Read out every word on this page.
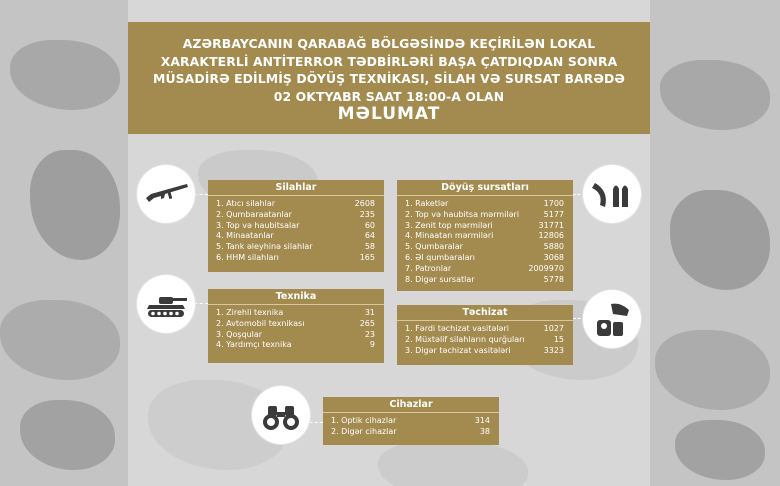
AZƏRBAYCANIN QARABAĞ BÖLGƏSİNDƏ KEÇİRİLƏN LOKAL XARAKTERLİ ANTİTERROR TƏDBİRLƏRİ BAŞA ÇATDIQDAN SONRA MÜSADİRƏ EDİLMİŞ DÖYÜŞ TEXNİKASI, SİLAH VƏ SURSAT BARƏDƏ 02 OKTYABR SAAT 18:00-A OLAN
MƏLUMAT
Silahlar
1. Atıcı silahlar	2608
2. Qumbaraatanlar	235
3. Top və haubitsalar	60
4. Minaatanlar	64
5. Tank əleyhinə silahlar	58
6. HHM silahları	165
Texnika
1. Zirehli texnika	31
2. Avtomobil texnikası	265
3. Qoşqular	23
4. Yardımçı texnika	9
Döyüş sursatları
1. Raketlər	1700
2. Top və haubitsa mərmiləri	5177
3. Zenit top mərmiləri	31771
4. Minaatan mərmiləri	12806
5. Qumbaralar	5880
6. Əl qumbaraları	3068
7. Patronlar	2009970
8. Digər sursatlar	5778
Təchizat
1. Fərdi təchizat vasitələri	1027
2. Müxtəlif silahların qurğuları	15
3. Digər təchizat vasitələri	3323
Cihazlar
1. Optik cihazlar	314
2. Digər cihazlar	38
